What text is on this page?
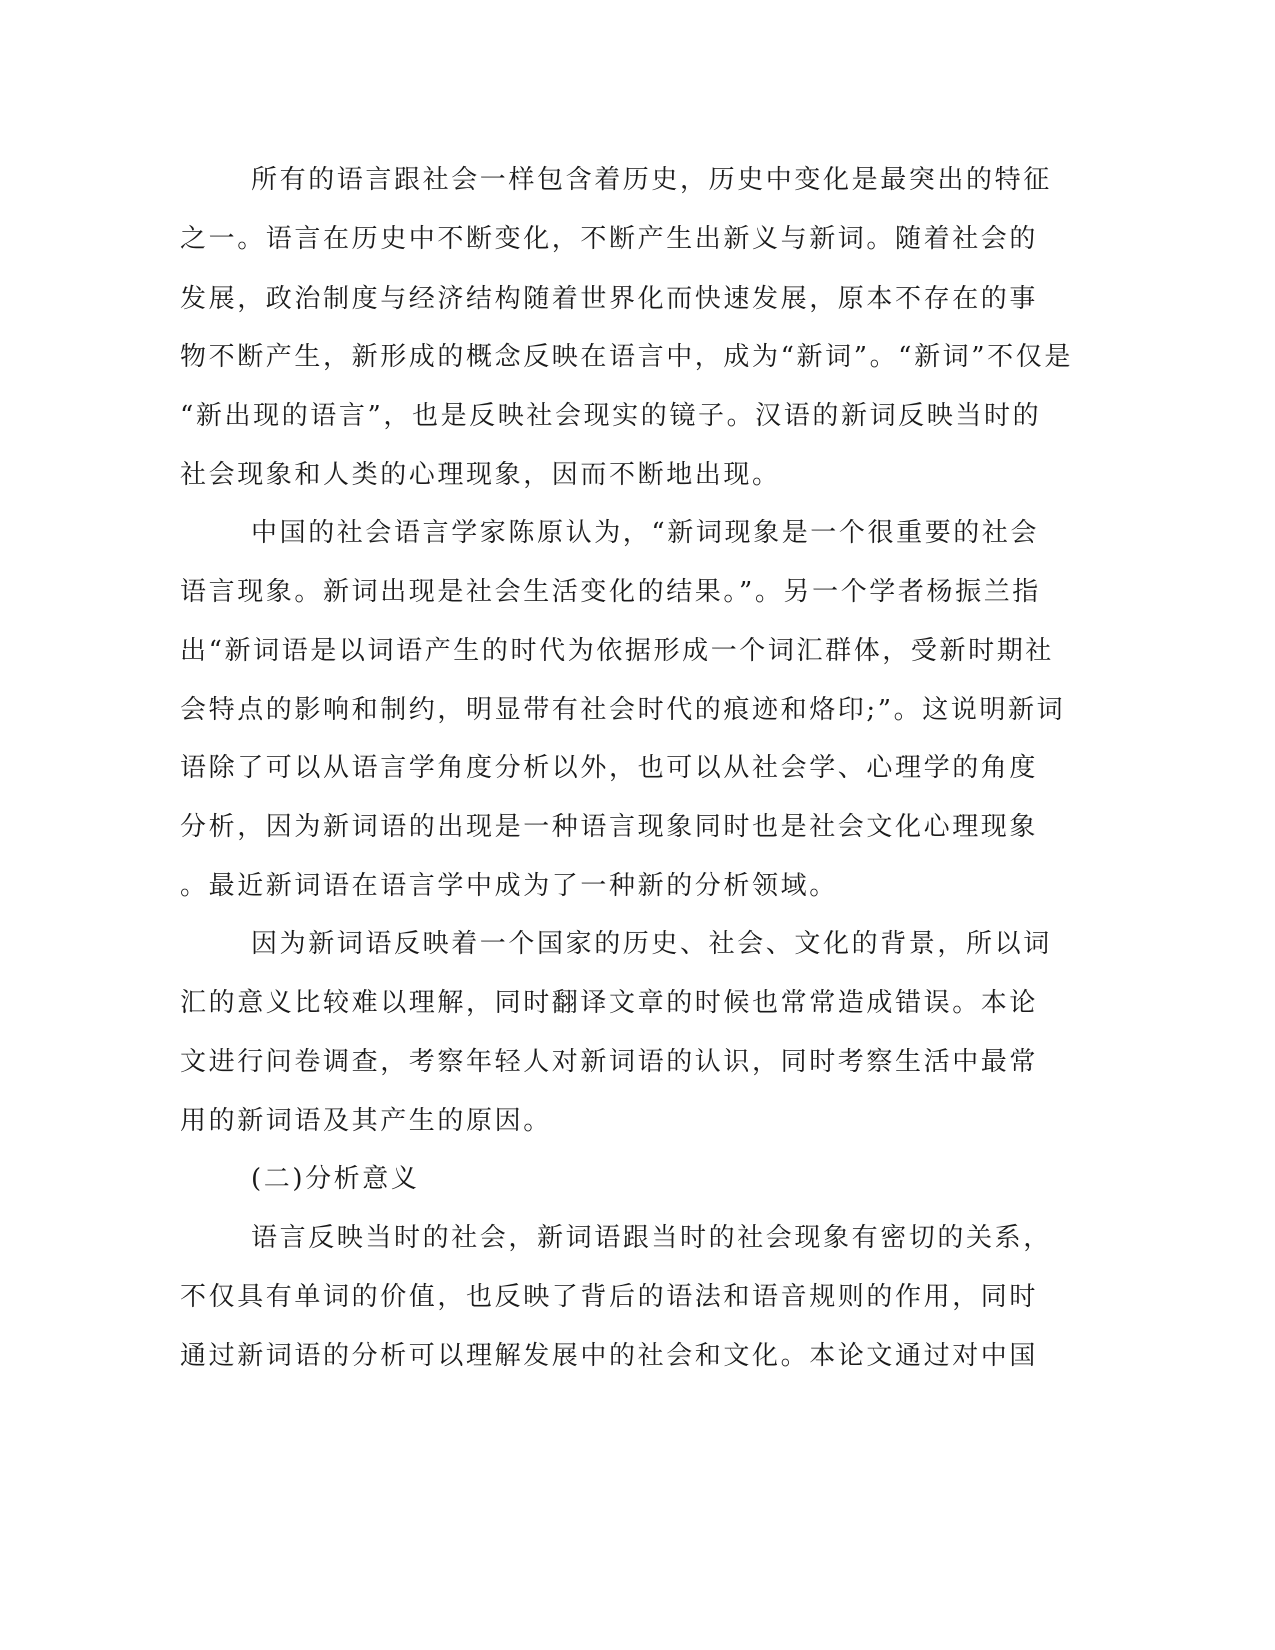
所有的语言跟社会一样包含着历史，历史中变化是最突出的特征
之一。语言在历史中不断变化，不断产生出新义与新词。随着社会的
发展，政治制度与经济结构随着世界化而快速发展，原本不存在的事
物不断产生，新形成的概念反映在语言中，成为“新词”。“新词”不仅是
“新出现的语言”，也是反映社会现实的镜子。汉语的新词反映当时的
社会现象和人类的心理现象，因而不断地出现。
中国的社会语言学家陈原认为，“新词现象是一个很重要的社会
语言现象。新词出现是社会生活变化的结果。”。另一个学者杨振兰指
出“新词语是以词语产生的时代为依据形成一个词汇群体，受新时期社
会特点的影响和制约，明显带有社会时代的痕迹和烙印;”。这说明新词
语除了可以从语言学角度分析以外，也可以从社会学、心理学的角度
分析，因为新词语的出现是一种语言现象同时也是社会文化心理现象
。最近新词语在语言学中成为了一种新的分析领域。
因为新词语反映着一个国家的历史、社会、文化的背景，所以词
汇的意义比较难以理解，同时翻译文章的时候也常常造成错误。本论
文进行问卷调查，考察年轻人对新词语的认识，同时考察生活中最常
用的新词语及其产生的原因。
(二)分析意义
语言反映当时的社会，新词语跟当时的社会现象有密切的关系，
不仅具有单词的价值，也反映了背后的语法和语音规则的作用，同时
通过新词语的分析可以理解发展中的社会和文化。本论文通过对中国
